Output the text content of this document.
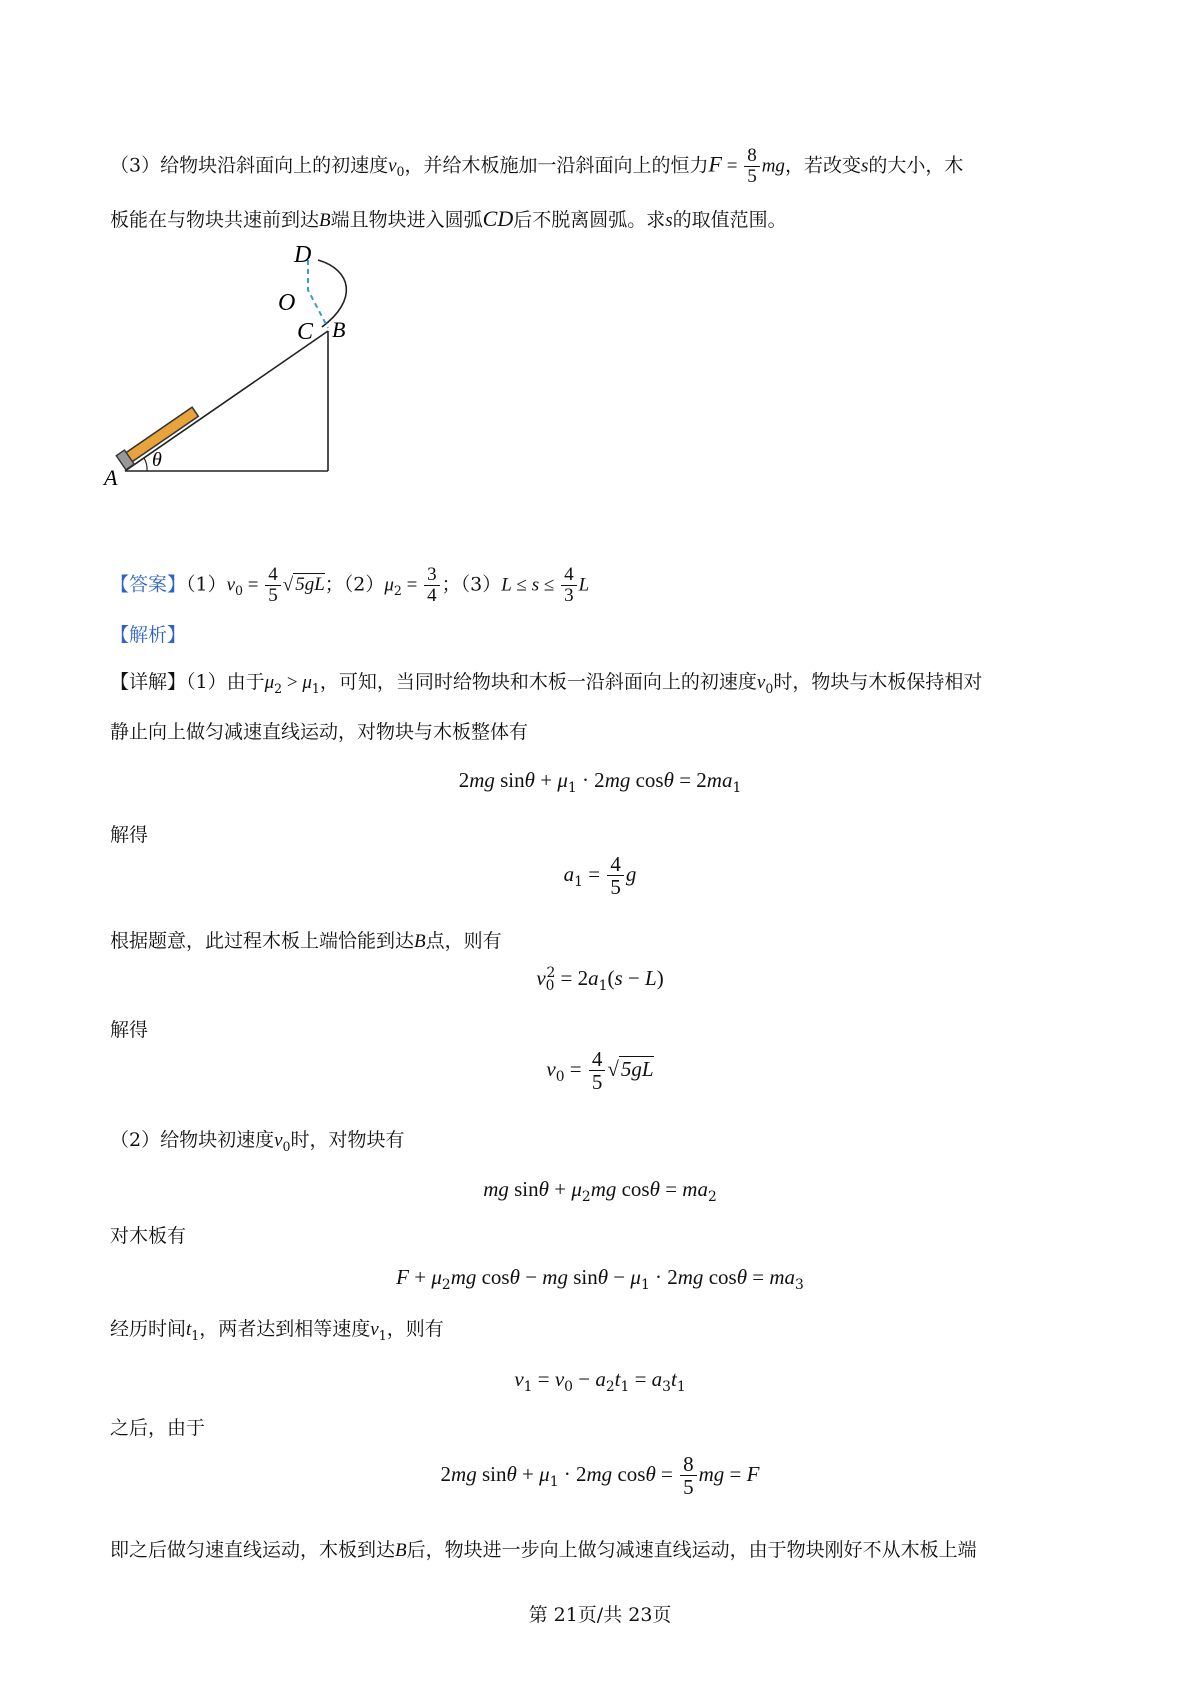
（3）给物块沿斜面向上的初速度$v_0$，并给木板施加一沿斜面向上的恒力$F = \frac{8}{5}$ mg，若改变s的大小，木
板能在与物块共速前到达B端且物块进入圆弧CD后不脱离圆弧。求s的取值范围。
A
θ
C B
O
D
【答案】$(1)v_0 = \frac{4}{5}$ √ 5gL；$(2)\mu_2 = \frac{3}{4}$ ；$(3)L \le s \le \frac{4}{3}$ L
【解析】
【详解】（1）由于$\mu_2 > \mu_1$，可知，当同时给物块和木板一沿斜面向上的初速度$v_0$时，物块与木板保持相对
静止向上做匀减速直线运动，对物块与木板整体有
2mg $\sin\theta + \mu_1 \cdot 2mg$ $\cos\theta = 2ma_1$
解得
$a_1 = \frac{4}{5}$ g
根据题意，此过程木板上端恰能到达B点，则有
$v_0^2 = 2a_1(s - L)$
解得
$v_0 = \frac{4}{5} √5gL$
（2）给物块初速度$v_0$时，对物块有
mg $\sin\theta + \mu_2mg$ $\cos\theta = ma_2$
对木板有
$F + \mu_2mg$ cosθ − mg $\sin\theta - \mu_1 \cdot 2mg$ $\cos\theta = ma_3$
经历时间$t_1$，两者达到相等速度$v_1$，则有
$v_1 = v_0 - a_2t_1 = a_3t_1$
之后，由于
2mg $\sin\theta + \mu_1 \cdot 2mg$ $\cos\theta = \frac{8}{5}$ mg = F
即之后做匀速直线运动，木板到达B后，物块进一步向上做匀减速直线运动，由于物块刚好不从木板上端
第 21页/共 23页
